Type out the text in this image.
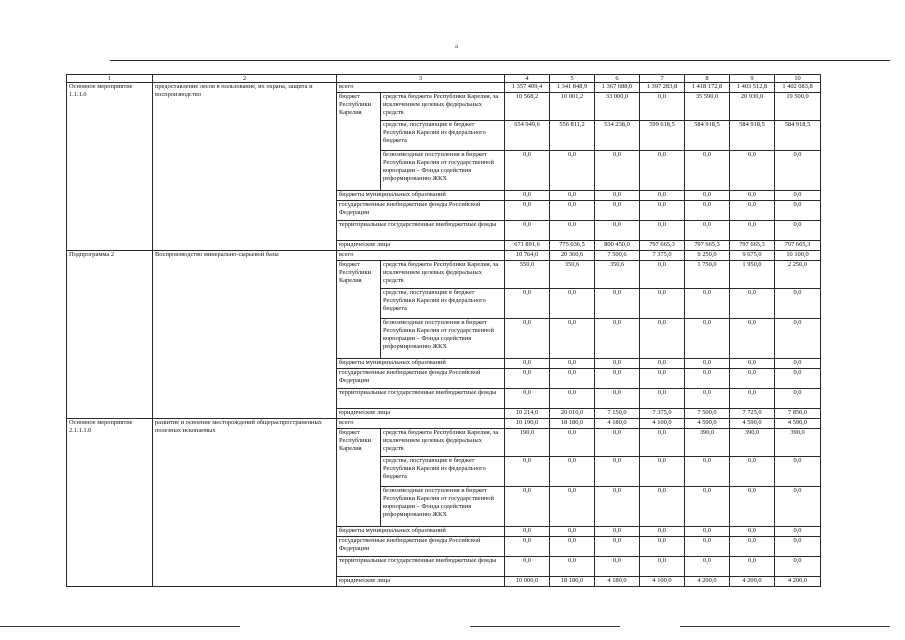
a
1	2	3		4	5	6	7	8	9	10
Основное мероприятие 1.1.1.0	предоставление лесов в пользование, их охрана, защита и воспроизводство	всего		1 357 409,4	1 341 848,9	1 367 688,0	1 397 283,8	1 418 172,8	1 403 512,8	1 402 083,8
		бюджет Республики Карелия	средства бюджета Республики Карелия, за исключением целевых федеральных средств	10 568,2	10 001,2	33 000,0	0,0	35 590,0	20 930,0	19 500,0
			средства, поступающие в бюджет Республики Карелия из федерального бюджета	654 949,6	556 811,2	534 238,0	599 618,5	584 918,5	584 918,5	584 918,5
			безвозмездные поступления в бюджет Республики Карелия от государственной корпорации – Фонда содействия реформированию ЖКХ	0,0	0,0	0,0	0,0	0,0	0,0	0,0
		бюджеты муниципальных образований		0,0	0,0	0,0	0,0	0,0	0,0	0,0
		государственные внебюджетные фонды Российской Федерации		0,0	0,0	0,0	0,0	0,0	0,0	0,0
		территориальные государственные внебюджетные фонды		0,0	0,0	0,0	0,0	0,0	0,0	0,0
		юридические лица		671 891,6	775 036,5	800 450,0	797 665,3	797 665,3	797 665,3	797 665,3
Подпрограмма 2	Воспроизводство минерально-сырьевой базы	всего		10 764,0	20 360,6	7 500,6	7 375,0	9 250,0	9 675,0	10 100,0
		бюджет Республики Карелия	средства бюджета Республики Карелия, за исключением целевых федеральных средств	550,0	350,6	350,6	0,0	1 750,0	1 950,0	2 250,0
			средства, поступающие в бюджет Республики Карелия из федерального бюджета	0,0	0,0	0,0	0,0	0,0	0,0	0,0
			безвозмездные поступления в бюджет Республики Карелия от государственной корпорации – Фонда содействия реформированию ЖКХ	0,0	0,0	0,0	0,0	0,0	0,0	0,0
		бюджеты муниципальных образований		0,0	0,0	0,0	0,0	0,0	0,0	0,0
		государственные внебюджетные фонды Российской Федерации		0,0	0,0	0,0	0,0	0,0	0,0	0,0
		территориальные государственные внебюджетные фонды		0,0	0,0	0,0	0,0	0,0	0,0	0,0
		юридические лица		10 214,0	20 010,0	7 150,0	7 375,0	7 500,0	7 725,0	7 850,0
Основное мероприятие 2.1.1.1.0	развитие и освоение месторождений общераспространенных полезных ископаемых	всего		10 190,0	18 180,0	4 180,0	4 100,0	4 590,0	4 590,0	4 590,0
		бюджет Республики Карелия	средства бюджета Республики Карелия, за исключением целевых федеральных средств	190,0	0,0	0,0	0,0	390,0	390,0	390,0
			средства, поступающие в бюджет Республики Карелия из федерального бюджета	0,0	0,0	0,0	0,0	0,0	0,0	0,0
			безвозмездные поступления в бюджет Республики Карелия от государственной корпорации – Фонда содействия реформированию ЖКХ	0,0	0,0	0,0	0,0	0,0	0,0	0,0
		бюджеты муниципальных образований		0,0	0,0	0,0	0,0	0,0	0,0	0,0
		государственные внебюджетные фонды Российской Федерации		0,0	0,0	0,0	0,0	0,0	0,0	0,0
		территориальные государственные внебюджетные фонды		0,0	0,0	0,0	0,0	0,0	0,0	0,0
		юридические лица		10 000,0	18 180,0	4 180,0	4 100,0	4 200,0	4 200,0	4 200,0
